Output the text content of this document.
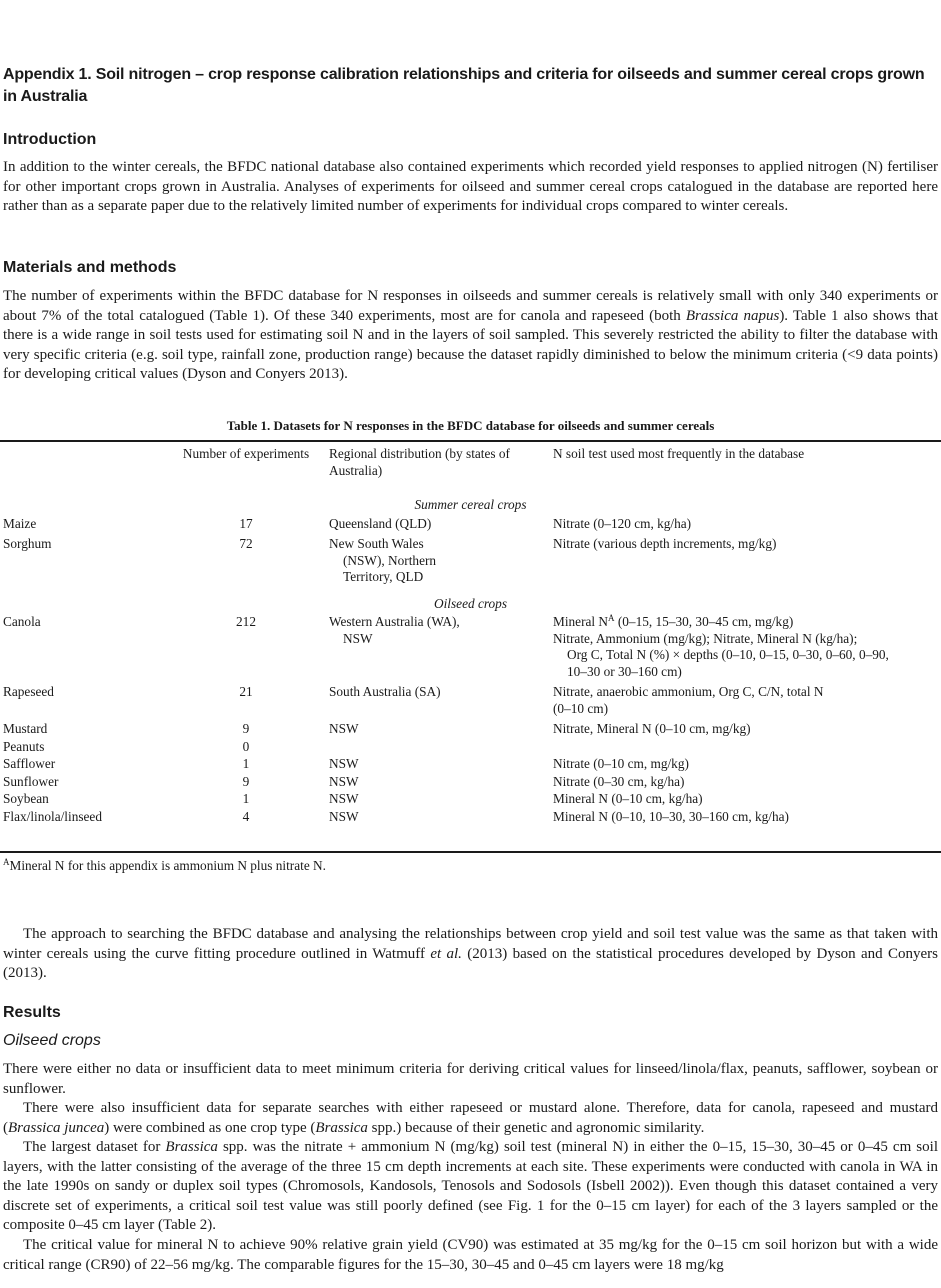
Appendix 1. Soil nitrogen – crop response calibration relationships and criteria for oilseeds and summer cereal crops grown in Australia
Introduction

In addition to the winter cereals, the BFDC national database also contained experiments which recorded yield responses to applied nitrogen (N) fertiliser for other important crops grown in Australia. Analyses of experiments for oilseed and summer cereal crops catalogued in the database are reported here rather than as a separate paper due to the relatively limited number of experiments for individual crops compared to winter cereals.

Materials and methods

The number of experiments within the BFDC database for N responses in oilseeds and summer cereals is relatively small with only 340 experiments or about 7% of the total catalogued (Table 1). Of these 340 experiments, most are for canola and rapeseed (both Brassica napus). Table 1 also shows that there is a wide range in soil tests used for estimating soil N and in the layers of soil sampled. This severely restricted the ability to filter the database with very specific criteria (e.g. soil type, rainfall zone, production range) because the dataset rapidly diminished to below the minimum criteria (<9 data points) for developing critical values (Dyson and Conyers 2013).

Table 1. Datasets for N responses in the BFDC database for oilseeds and summer cereals
	Number of experiments	Regional distribution (by states of Australia)	N soil test used most frequently in the database

Summer cereal crops			
Maize	17	Queensland (QLD)	Nitrate (0–120 cm, kg/ha)
Sorghum	72	New South Wales
(NSW), Northern
Territory, QLD	Nitrate (various depth increments, mg/kg)
Oilseed crops			
Canola	212	Western Australia (WA),
NSW	Mineral $N^A$ (0–15, 15–30, 30–45 cm, mg/kg)
Nitrate, Ammonium (mg/kg); Nitrate, Mineral N (kg/ha);
Org C, Total N (%) × depths (0–10, 0–15, 0–30, 0–60, 0–90,
10–30 or 30–160 cm)

Rapeseed	21	South Australia (SA)	Nitrate, anaerobic ammonium, Org C, C/N, total N
(0–10 cm)
Mustard	9	NSW	Nitrate, Mineral N (0–10 cm, mg/kg)
Peanuts	0		
Safflower	1	NSW	Nitrate (0–10 cm, mg/kg)
Sunflower	9	NSW	Nitrate (0–30 cm, kg/ha)
Soybean	1	NSW	Mineral N (0–10 cm, kg/ha)
Flax/linola/linseed	4	NSW	Mineral N (0–10, 10–30, 30–160 cm, kg/ha)
$^A$Mineral N for this appendix is ammonium N plus nitrate N.

The approach to searching the BFDC database and analysing the relationships between crop yield and soil test value was the same as that taken with winter cereals using the curve fitting procedure outlined in Watmuff et al. (2013) based on the statistical procedures developed by Dyson and Conyers (2013).

Results
Oilseed crops

There were either no data or insufficient data to meet minimum criteria for deriving critical values for linseed/linola/flax, peanuts, safflower, soybean or sunflower.

There were also insufficient data for separate searches with either rapeseed or mustard alone. Therefore, data for canola, rapeseed and mustard (Brassica juncea) were combined as one crop type (Brassica spp.) because of their genetic and agronomic similarity.

The largest dataset for Brassica spp. was the nitrate + ammonium N (mg/kg) soil test (mineral N) in either the 0–15, 15–30, 30–45 or 0–45 cm soil layers, with the latter consisting of the average of the three 15 cm depth increments at each site. These experiments were conducted with canola in WA in the late 1990s on sandy or duplex soil types (Chromosols, Kandosols, Tenosols and Sodosols (Isbell 2002)). Even though this dataset contained a very discrete set of experiments, a critical soil test value was still poorly defined (see Fig. 1 for the 0–15 cm layer) for each of the 3 layers sampled or the composite 0–45 cm layer (Table 2).

The critical value for mineral N to achieve 90% relative grain yield (CV90) was estimated at 35 mg/kg for the 0–15 cm soil horizon but with a wide critical range (CR90) of 22–56 mg/kg. The comparable figures for the 15–30, 30–45 and 0–45 cm layers were 18 mg/kg
